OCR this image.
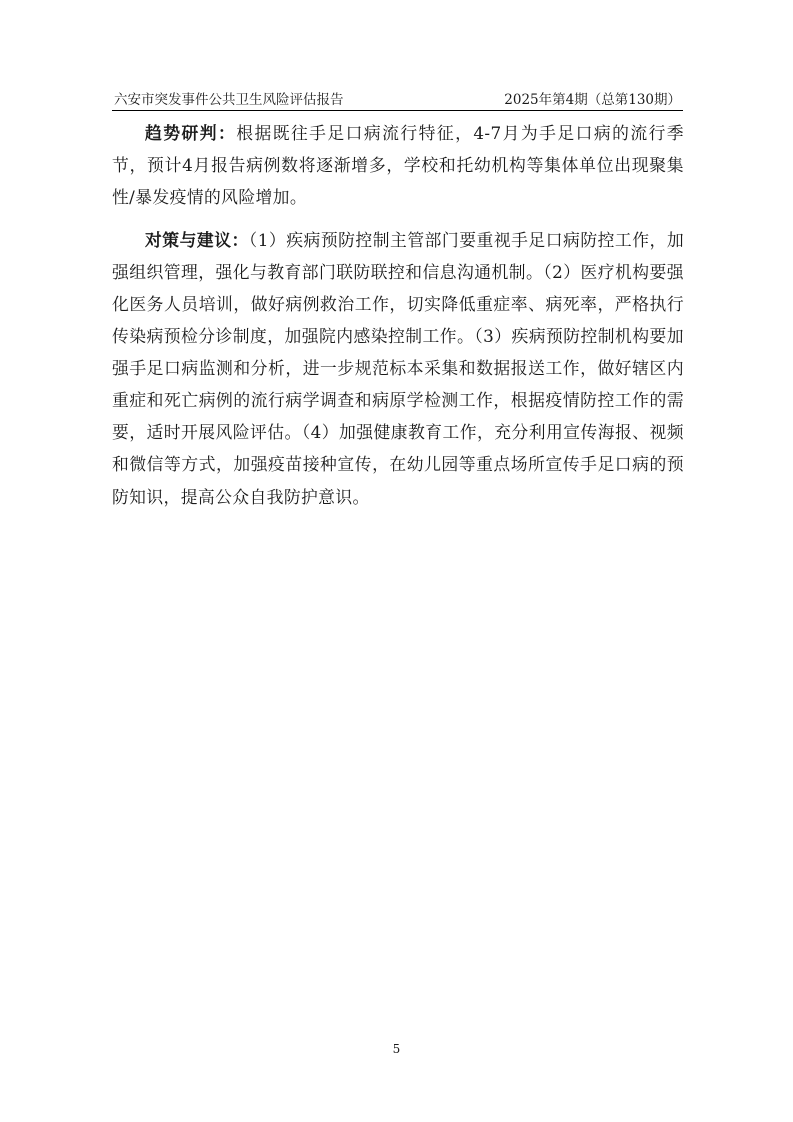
六安市突发事件公共卫生风险评估报告	2025年第4期（总第130期）

趋势研判：根据既往手足口病流行特征，4-7月为手足口病的流行季节，预计4月报告病例数将逐渐增多，学校和托幼机构等集体单位出现聚集性/暴发疫情的风险增加。

对策与建议：（1）疾病预防控制主管部门要重视手足口病防控工作，加强组织管理，强化与教育部门联防联控和信息沟通机制。（2）医疗机构要强化医务人员培训，做好病例救治工作，切实降低重症率、病死率，严格执行传染病预检分诊制度，加强院内感染控制工作。（3）疾病预防控制机构要加强手足口病监测和分析，进一步规范标本采集和数据报送工作，做好辖区内重症和死亡病例的流行病学调查和病原学检测工作，根据疫情防控工作的需要，适时开展风险评估。（4）加强健康教育工作，充分利用宣传海报、视频和微信等方式，加强疫苗接种宣传，在幼儿园等重点场所宣传手足口病的预防知识，提高公众自我防护意识。

5
